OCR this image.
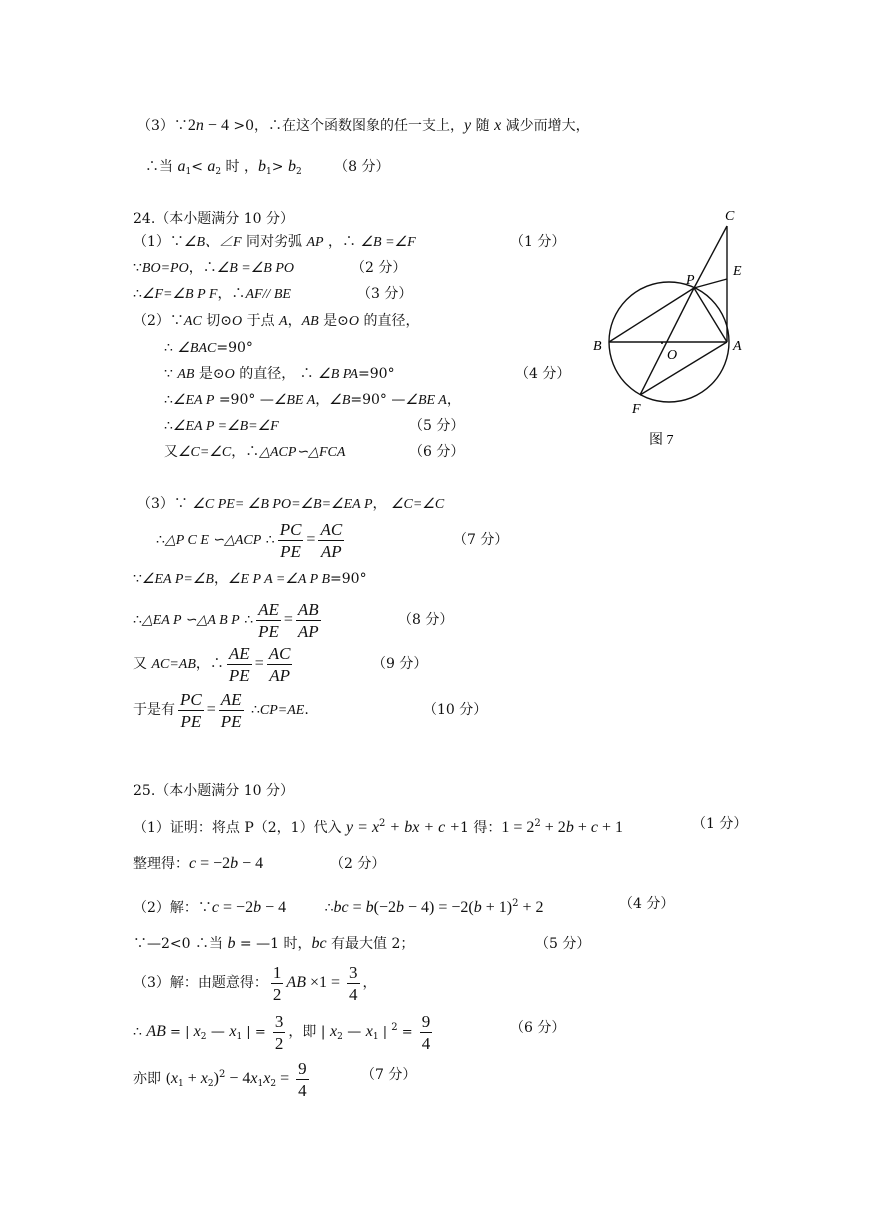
（3）∵2n − 4 >0，∴在这个函数图象的任一支上，y 随 x 减少而增大，
∴当 $a_1< a_2$ 时 ，$b_1> b_2$ （8 分）
24.（本小题满分 10 分）
（1）∵∠B、∠F 同对劣弧 AP ，∴ ∠B =∠F	（1 分）
∵BO=PO，∴∠B =∠B PO	（2 分）
∴∠F=∠B P F，∴AF// BE	（3 分）
（2）∵AC 切⊙O 于点 A，AB 是⊙O 的直径，
∴ ∠BAC=90°
∵ AB 是⊙O 的直径， ∴ ∠B PA=90°	（4 分）
∴∠EA P =90° —∠BE A，∠B=90° —∠BE A，
∴∠EA P =∠B=∠F	（5 分）
又∠C=∠C，∴△ACP∽△FCA	（6 分）
C
E
P
B
O
A
F
图 7
（3）∵ ∠C PE= ∠B PO=∠B=∠EA P， ∠C=∠C
∴△P C E ∽△ACP ∴ $\frac{PC}{PE} = \frac{AC}{AP}$	（7 分）
∵∠EA P=∠B，∠E P A =∠A P B=90°
∴△EA P ∽△A B P ∴ $\frac{AE}{PE} = \frac{AB}{AP}$	（8 分）
又 AC=AB，∴ $\frac{AE}{PE} = \frac{AC}{AP}$	（9 分）
于是有 $\frac{PC}{PE} = \frac{AE}{PE}$ ∴CP=AE.	（10 分）
25.（本小题满分 10 分）
（1）证明：将点 P（2，1）代入 $y = x^2$ + bx + c +1 得：$1 = 2^2 + 2b + c + 1$	（1 分）
整理得：c = −2b − 4	（2 分）
（2）解：∵c = −2b − 4	∴bc = $b(-2b - 4) = -2(b + 1)^2 + 2$	（4 分）
∵—2<0 ∴当 b = —1 时，bc 有最大值 2；	（5 分）
（3）解：由题意得： $\frac{1}{2}$ AB $\times 1 = \frac{3}{4}$ ，
∴ AB = | $x_2$ — $x_1$ | = $\frac{3}{2}$ ，即 | $x_2$ — $x_1$ | $^2 = \frac{9}{4}$	（6 分）
亦即 $(x_1 + x_2)^2 - 4x_1x_2 = \frac{9}{4}$	（7 分）
